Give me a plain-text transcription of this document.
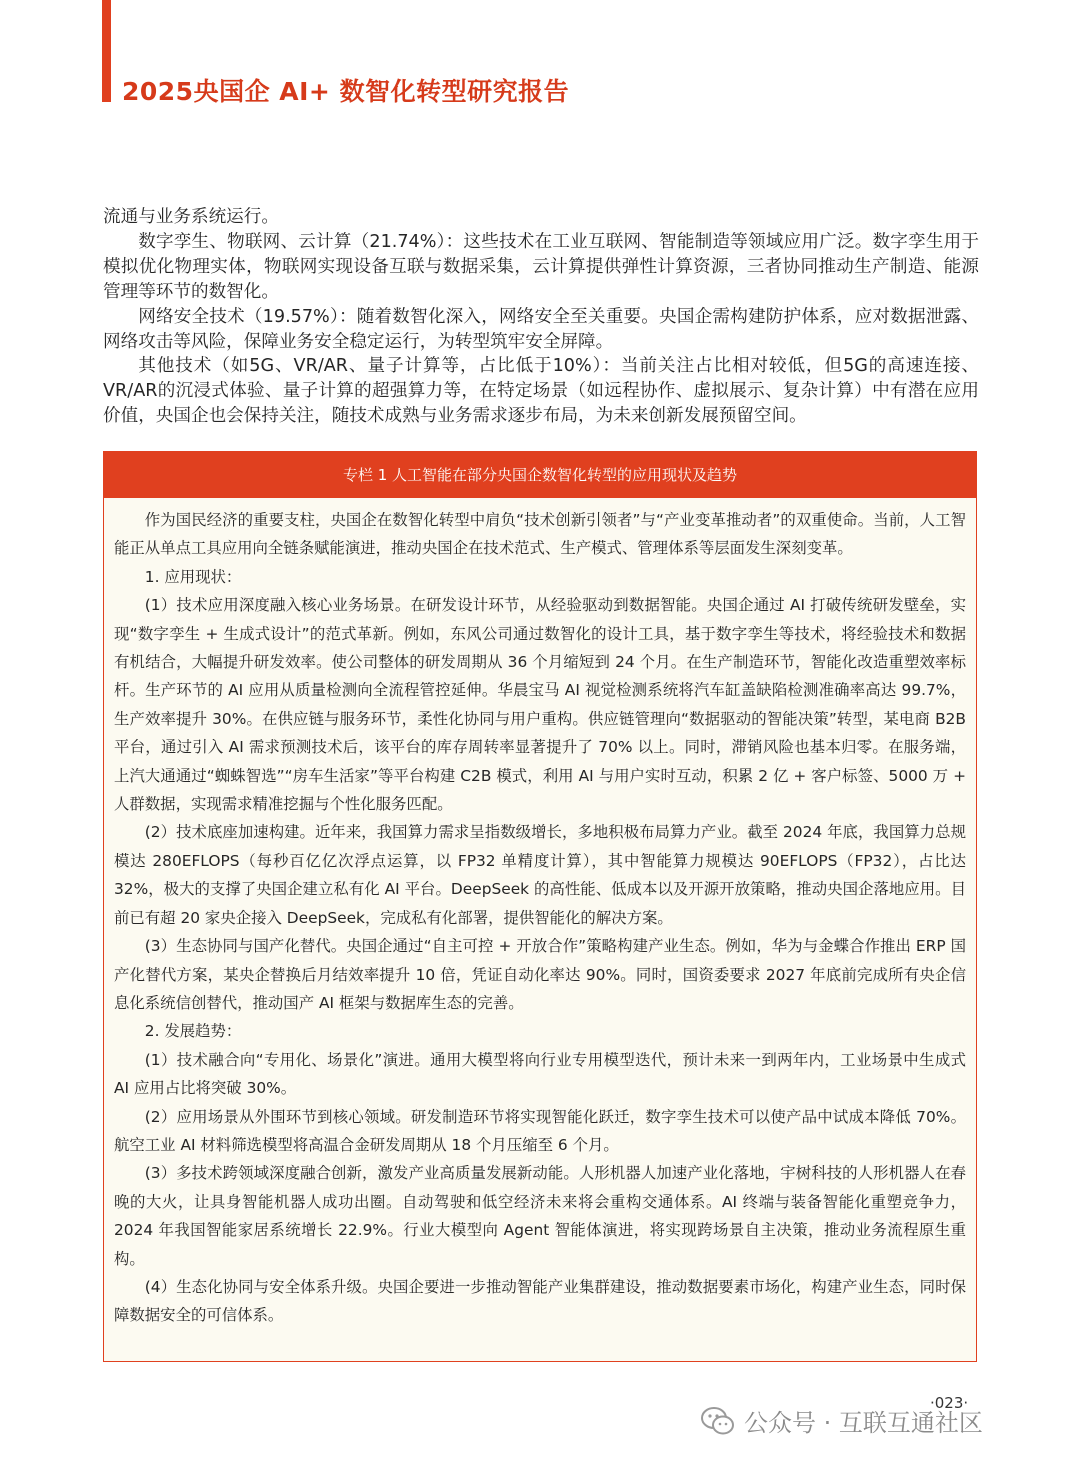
2025央国企 AI+ 数智化转型研究报告

流通与业务系统运行。

数字孪生、物联网、云计算（21.74%）：这些技术在工业互联网、智能制造等领域应用广泛。数字孪生用于模拟优化物理实体，物联网实现设备互联与数据采集，云计算提供弹性计算资源，三者协同推动生产制造、能源管理等环节的数智化。

网络安全技术（19.57%）：随着数智化深入，网络安全至关重要。央国企需构建防护体系，应对数据泄露、网络攻击等风险，保障业务安全稳定运行，为转型筑牢安全屏障。

其他技术（如5G、VR/AR、量子计算等，占比低于10%）：当前关注占比相对较低，但5G的高速连接、VR/AR的沉浸式体验、量子计算的超强算力等，在特定场景（如远程协作、虚拟展示、复杂计算）中有潜在应用价值，央国企也会保持关注，随技术成熟与业务需求逐步布局，为未来创新发展预留空间。

专栏 1 人工智能在部分央国企数智化转型的应用现状及趋势

作为国民经济的重要支柱，央国企在数智化转型中肩负“技术创新引领者”与“产业变革推动者”的双重使命。当前，人工智能正从单点工具应用向全链条赋能演进，推动央国企在技术范式、生产模式、管理体系等层面发生深刻变革。

1. 应用现状：

(1）技术应用深度融入核心业务场景。在研发设计环节，从经验驱动到数据智能。央国企通过 AI 打破传统研发壁垒，实现“数字孪生 + 生成式设计”的范式革新。例如，东风公司通过数智化的设计工具，基于数字孪生等技术，将经验技术和数据有机结合，大幅提升研发效率。使公司整体的研发周期从 36 个月缩短到 24 个月。在生产制造环节，智能化改造重塑效率标杆。生产环节的 AI 应用从质量检测向全流程管控延伸。华晨宝马 AI 视觉检测系统将汽车缸盖缺陷检测准确率高达 99.7%，生产效率提升 30%。在供应链与服务环节，柔性化协同与用户重构。供应链管理向“数据驱动的智能决策”转型，某电商 B2B 平台，通过引入 AI 需求预测技术后，该平台的库存周转率显著提升了 70% 以上。同时，滞销风险也基本归零。在服务端，上汽大通通过“蜘蛛智选”“房车生活家”等平台构建 C2B 模式，利用 AI 与用户实时互动，积累 2 亿 + 客户标签、5000 万 + 人群数据，实现需求精准挖掘与个性化服务匹配。

(2）技术底座加速构建。近年来，我国算力需求呈指数级增长，多地积极布局算力产业。截至 2024 年底，我国算力总规模达 280EFLOPS（每秒百亿亿次浮点运算，以 FP32 单精度计算），其中智能算力规模达 90EFLOPS（FP32），占比达 32%，极大的支撑了央国企建立私有化 AI 平台。DeepSeek 的高性能、低成本以及开源开放策略，推动央国企落地应用。目前已有超 20 家央企接入 DeepSeek，完成私有化部署，提供智能化的解决方案。

(3）生态协同与国产化替代。央国企通过“自主可控 + 开放合作”策略构建产业生态。例如，华为与金蝶合作推出 ERP 国产化替代方案，某央企替换后月结效率提升 10 倍，凭证自动化率达 90%。同时，国资委要求 2027 年底前完成所有央企信息化系统信创替代，推动国产 AI 框架与数据库生态的完善。

2. 发展趋势：

(1）技术融合向“专用化、场景化”演进。通用大模型将向行业专用模型迭代，预计未来一到两年内，工业场景中生成式 AI 应用占比将突破 30%。

(2）应用场景从外围环节到核心领域。研发制造环节将实现智能化跃迁，数字孪生技术可以使产品中试成本降低 70%。航空工业 AI 材料筛选模型将高温合金研发周期从 18 个月压缩至 6 个月。

(3）多技术跨领域深度融合创新，激发产业高质量发展新动能。人形机器人加速产业化落地，宇树科技的人形机器人在春晚的大火，让具身智能机器人成功出圈。自动驾驶和低空经济未来将会重构交通体系。AI 终端与装备智能化重塑竞争力，2024 年我国智能家居系统增长 22.9%。行业大模型向 Agent 智能体演进，将实现跨场景自主决策，推动业务流程原生重构。

(4）生态化协同与安全体系升级。央国企要进一步推动智能产业集群建设，推动数据要素市场化，构建产业生态，同时保障数据安全的可信体系。

·023·
公众号 · 互联互通社区
